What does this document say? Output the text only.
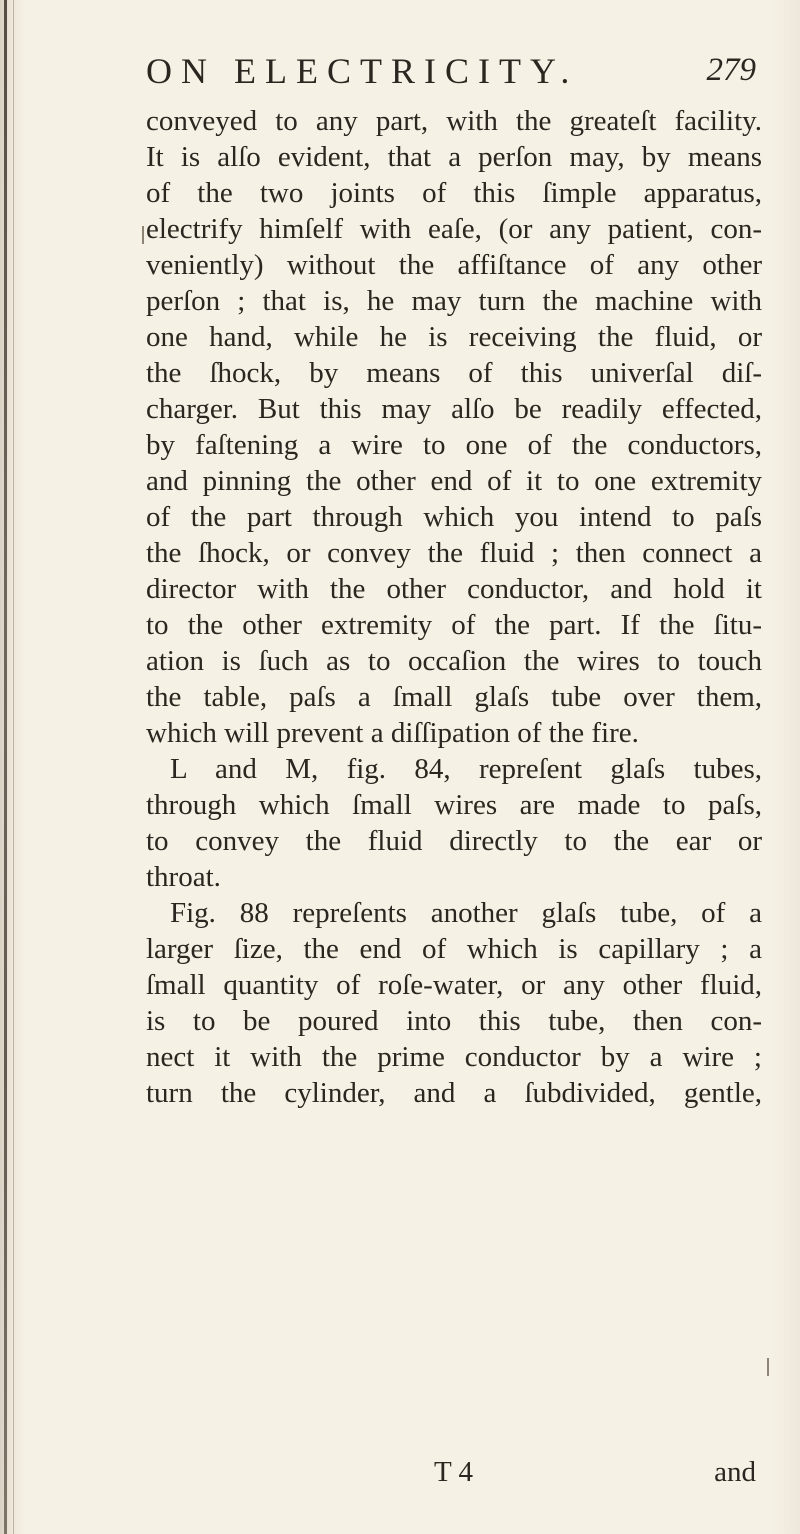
ON ELECTRICITY.	279
conveyed to any part, with the greateſt facility.
It is alſo evident, that a perſon may, by means
of the two joints of this ſimple apparatus,
electrify himſelf with eaſe, (or any patient, con-
veniently) without the affiſtance of any other
perſon ; that is, he may turn the machine with
one hand, while he is receiving the fluid, or
the ſhock, by means of this univerſal diſ-
charger. But this may alſo be readily effected,
by faſtening a wire to one of the conductors,
and pinning the other end of it to one extremity
of the part through which you intend to paſs
the ſhock, or convey the fluid ; then connect a
director with the other conductor, and hold it
to the other extremity of the part. If the ſitu-
ation is ſuch as to occaſion the wires to touch
the table, paſs a ſmall glaſs tube over them,
which will prevent a diſſipation of the fire.
L and M, fig. 84, repreſent glaſs tubes,
through which ſmall wires are made to paſs,
to convey the fluid directly to the ear or
throat.
Fig. 88 repreſents another glaſs tube, of a
larger ſize, the end of which is capillary ; a
ſmall quantity of roſe-water, or any other fluid,
is to be poured into this tube, then con-
nect it with the prime conductor by a wire ;
turn the cylinder, and a ſubdivided, gentle,
T 4	and
